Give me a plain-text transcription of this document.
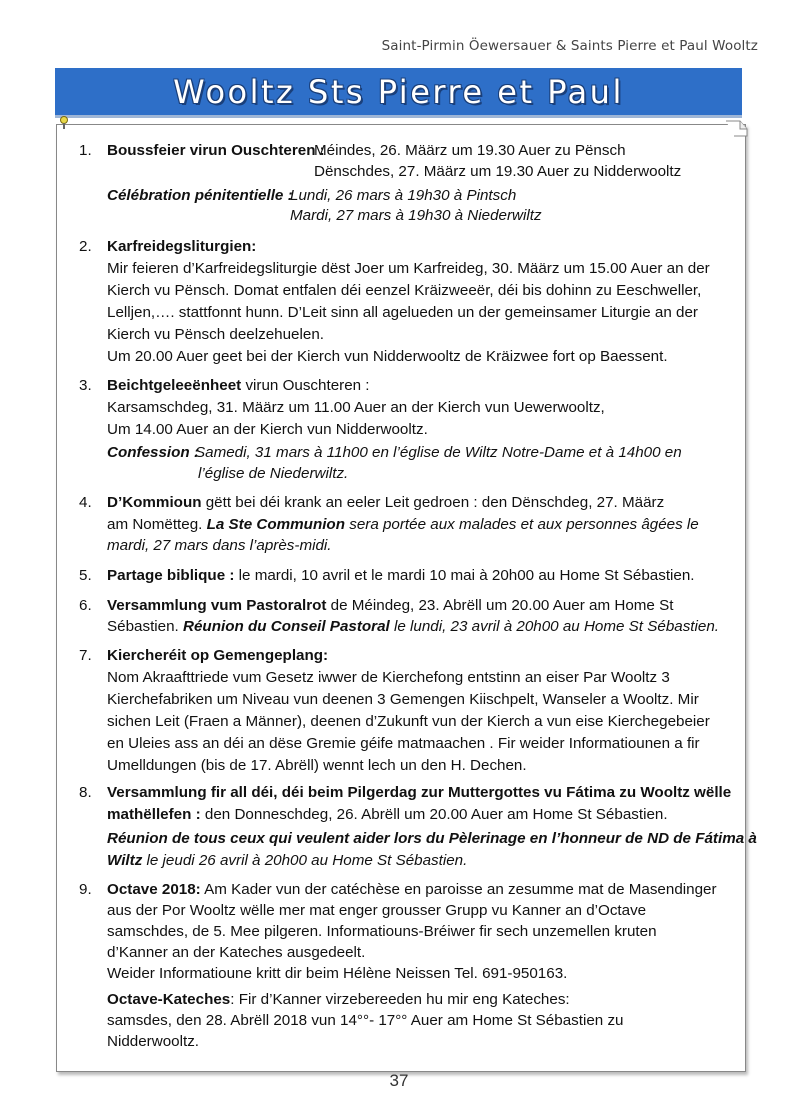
Saint-Pirmin Öewersauer & Saints Pierre et Paul Wooltz
Wooltz Sts Pierre et Paul
1. Boussfeier virun Ouschteren :
Méindes, 26. Määrz um 19.30 Auer zu Pënsch
Dënschdes, 27. Määrz um 19.30 Auer zu Nidderwooltz
Célébration pénitentielle :
Lundi, 26 mars à 19h30 à Pintsch
Mardi, 27 mars à 19h30 à Niederwiltz
2. Karfreidegsliturgien:
Mir feieren d’Karfreidegsliturgie dëst Joer um Karfreideg, 30. Määrz um 15.00 Auer an der
Kierch vu Pënsch. Domat entfalen déi eenzel Kräizweeër, déi bis dohinn zu Eeschweller,
Lelljen,…. stattfonnt hunn. D’Leit sinn all agelueden un der gemeinsamer Liturgie an der
Kierch vu Pënsch deelzehuelen.
Um 20.00 Auer geet bei der Kierch vun Nidderwooltz de Kräizwee fort op Baessent.
3. Beichtgeleeënheet virun Ouschteren :
Karsamschdeg, 31. Määrz um 11.00 Auer an der Kierch vun Uewerwooltz,
Um 14.00 Auer an der Kierch vun Nidderwooltz.
Confession :
Samedi, 31 mars à 11h00 en l’église de Wiltz Notre-Dame et à 14h00 en
l’église de Niederwiltz.
4. D’Kommioun gëtt bei déi krank an eeler Leit gedroen : den Dënschdeg, 27. Määrz
am Nomëtteg. La Ste Communion sera portée aux malades et aux personnes âgées le
mardi, 27 mars dans l’après-midi.
5. Partage biblique : le mardi, 10 avril et le mardi 10 mai à 20h00 au Home St Sébastien.
6. Versammlung vum Pastoralrot de Méindeg, 23. Abrëll um 20.00 Auer am Home St
Sébastien. Réunion du Conseil Pastoral le lundi, 23 avril à 20h00 au Home St Sébastien.
7. Kiercheréit op Gemengeplang:
Nom Akraafttriede vum Gesetz iwwer de Kierchefong entstinn an eiser Par Wooltz 3
Kierchefabriken um Niveau vun deenen 3 Gemengen Kiischpelt, Wanseler a Wooltz. Mir
sichen Leit (Fraen a Männer), deenen d’Zukunft vun der Kierch a vun eise Kierchegebeier
en Uleies ass an déi an dëse Gremie géife matmaachen . Fir weider Informatiounen a fir
Umelldungen (bis de 17. Abrëll) wennt lech un den H. Dechen.
8. Versammlung fir all déi, déi beim Pilgerdag zur Muttergottes vu Fátima zu Wooltz wëlle
mathëllefen : den Donneschdeg, 26. Abrëll um 20.00 Auer am Home St Sébastien.
Réunion de tous ceux qui veulent aider lors du Pèlerinage en l’honneur de ND de Fátima à
Wiltz le jeudi 26 avril à 20h00 au Home St Sébastien.
9. Octave 2018: Am Kader vun der catéchèse en paroisse an zesumme mat de Masendinger
aus der Por Wooltz wëlle mer mat enger grousser Grupp vu Kanner an d’Octave
samschdes, de 5. Mee pilgeren. Informatiouns-Bréiwer fir sech unzemellen kruten
d’Kanner an der Kateches ausgedeelt.
Weider Informatioune kritt dir beim Hélène Neissen Tel. 691-950163.
Octave-Kateches: Fir d’Kanner virzebereeden hu mir eng Kateches:
samsdes, den 28. Abrëll 2018 vun 14°°- 17°° Auer am Home St Sébastien zu
Nidderwooltz.
37
